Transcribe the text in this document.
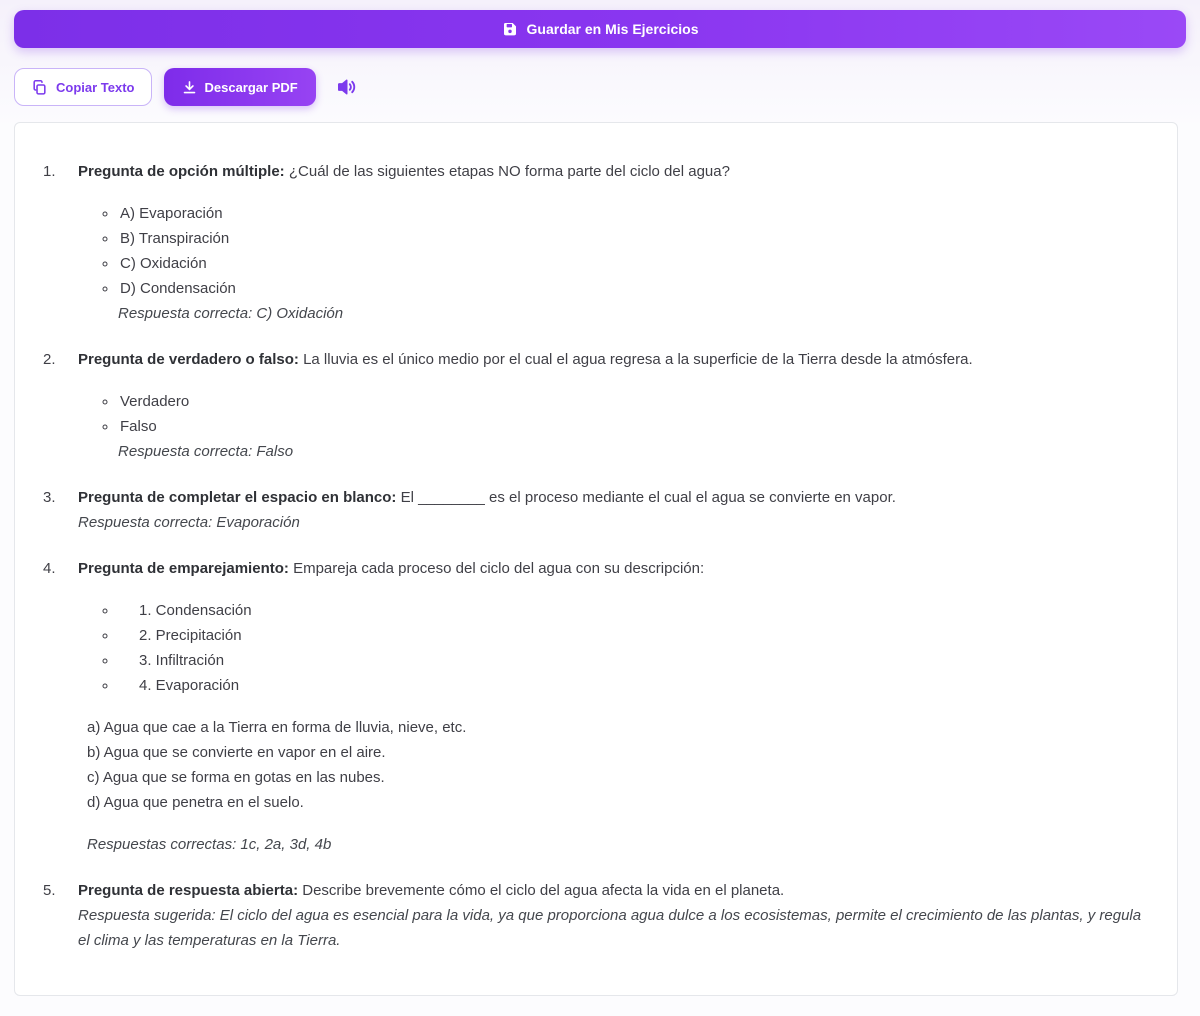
Guardar en Mis Ejercicios
Copiar Texto	Descargar PDF
1.	Pregunta de opción múltiple: ¿Cuál de las siguientes etapas NO forma parte del ciclo del agua?

◦ A) Evaporación
◦ B) Transpiración
◦ C) Oxidación
◦ D) Condensación

Respuesta correcta: C) Oxidación

2.	Pregunta de verdadero o falso: La lluvia es el único medio por el cual el agua regresa a la superficie de la Tierra desde la atmósfera.

◦ Verdadero
◦ Falso

Respuesta correcta: Falso

3.	Pregunta de completar el espacio en blanco: El ________ es el proceso mediante el cual el agua se convierte en vapor.

Respuesta correcta: Evaporación

4.	Pregunta de emparejamiento: Empareja cada proceso del ciclo del agua con su descripción:

◦ 1. Condensación
◦ 2. Precipitación
◦ 3. Infiltración
◦ 4. Evaporación

a) Agua que cae a la Tierra en forma de lluvia, nieve, etc.

b) Agua que se convierte en vapor en el aire.

c) Agua que se forma en gotas en las nubes.

d) Agua que penetra en el suelo.

Respuestas correctas: 1c, 2a, 3d, 4b

5.	Pregunta de respuesta abierta: Describe brevemente cómo el ciclo del agua afecta la vida en el planeta.

Respuesta sugerida: El ciclo del agua es esencial para la vida, ya que proporciona agua dulce a los ecosistemas, permite el crecimiento de las plantas, y regula el clima y las temperaturas en la Tierra.
